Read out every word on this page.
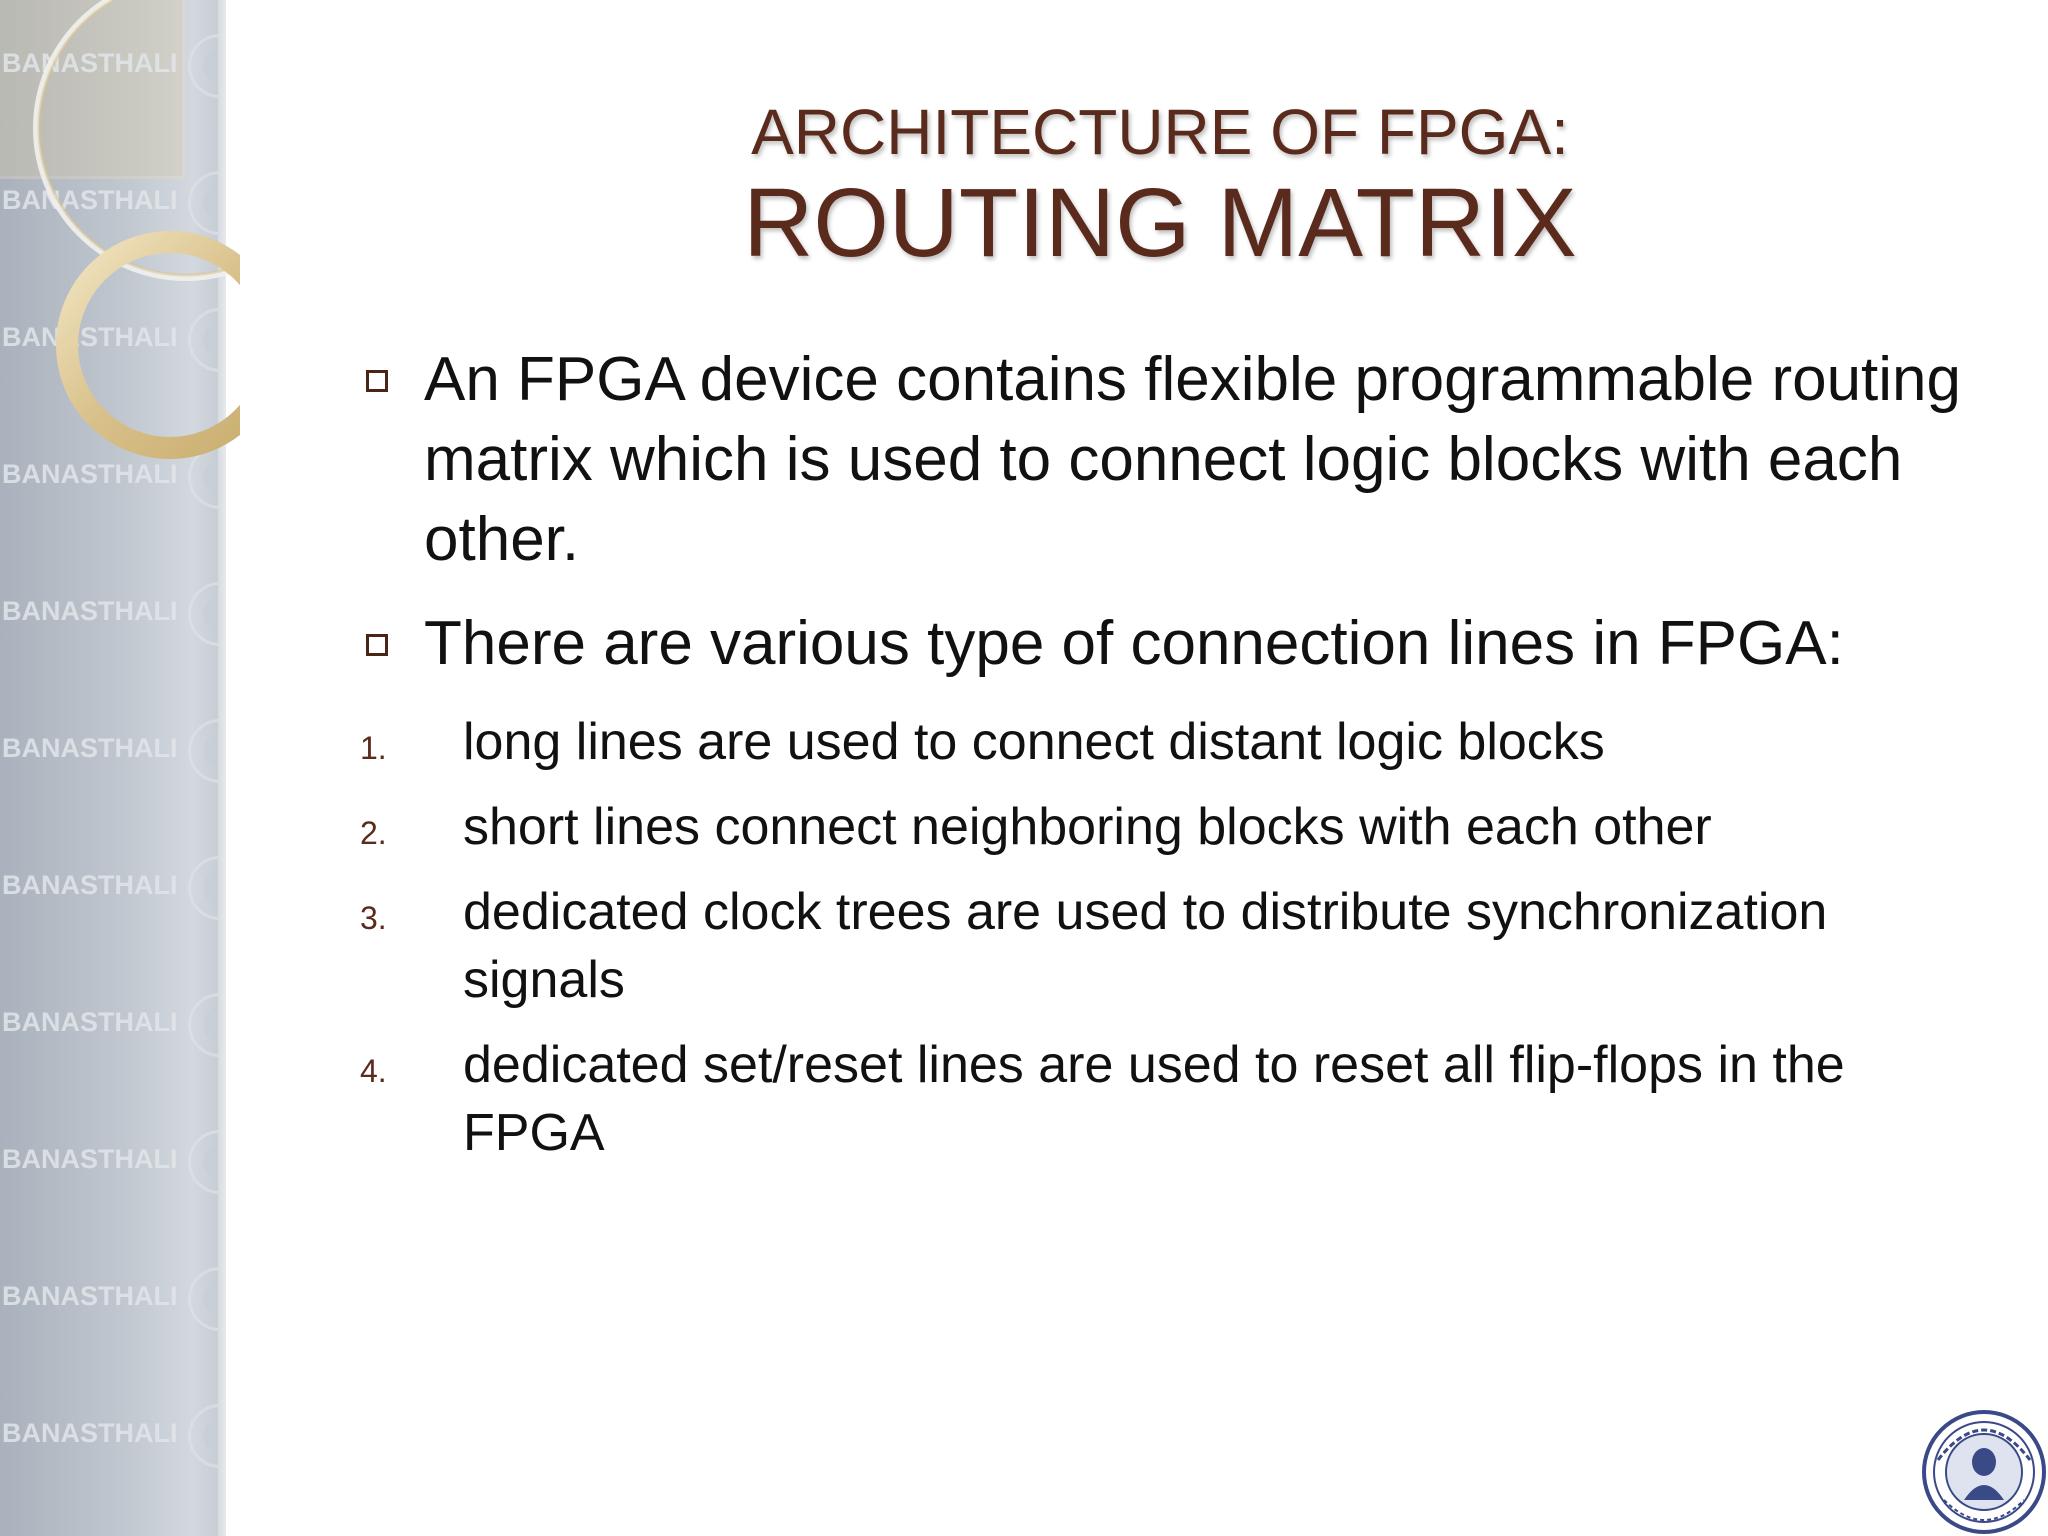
BANASTHALI
BANASTHALI
BANASTHALI
BANASTHALI
BANASTHALI
BANASTHALI
BANASTHALI
BANASTHALI
BANASTHALI
BANASTHALI
BANASTHALI
ARCHITECTURE OF FPGA:
ROUTING MATRIX
An FPGA device contains flexible programmable routing matrix which is used to connect logic blocks with each other.
There are various type of connection lines in FPGA:
1. long lines are used to connect distant logic blocks
2. short lines connect neighboring blocks with each other
3. dedicated clock trees are used to distribute synchronization signals
4. dedicated set/reset lines are used to reset all flip-flops in the FPGA
